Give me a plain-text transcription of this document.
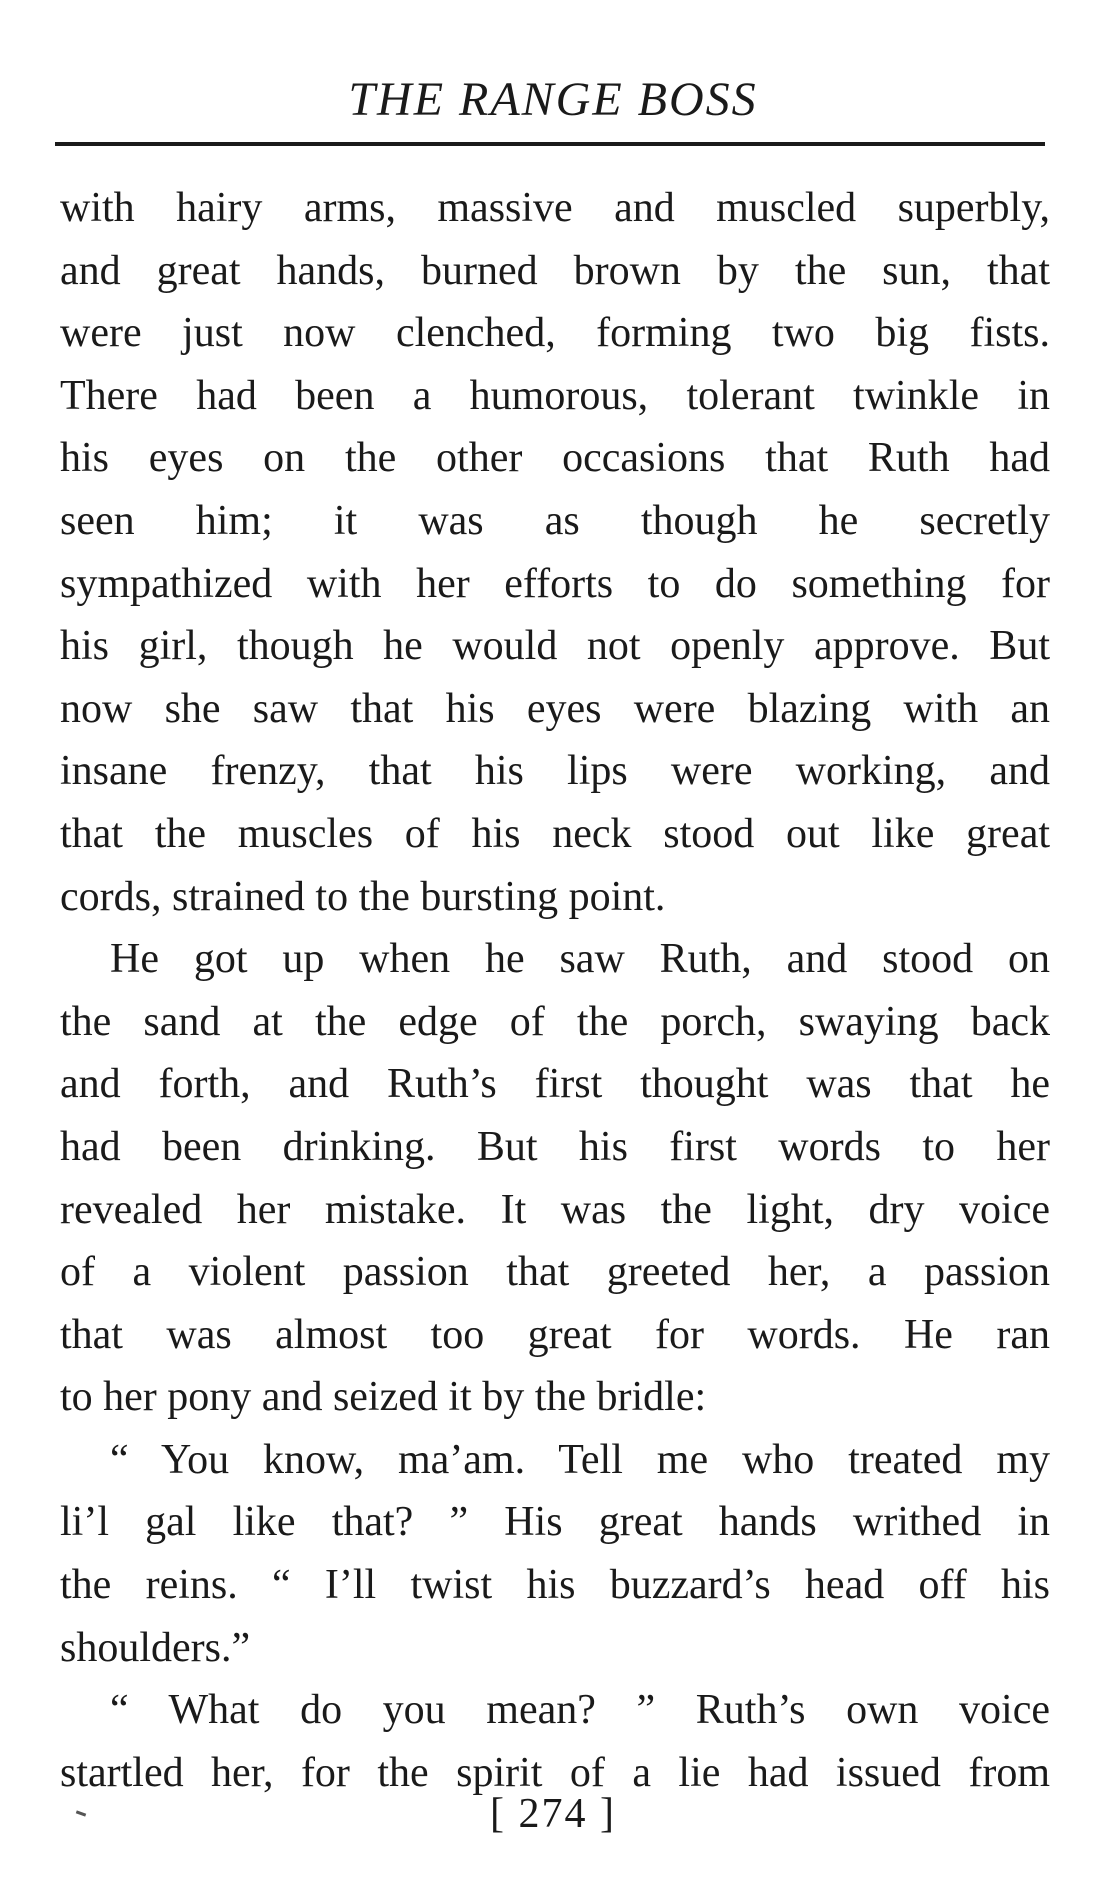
THE RANGE BOSS
with hairy arms, massive and muscled superbly,
and great hands, burned brown by the sun, that
were just now clenched, forming two big fists.
There had been a humorous, tolerant twinkle in
his eyes on the other occasions that Ruth had
seen him; it was as though he secretly
sympathized with her efforts to do something for
his girl, though he would not openly approve. But
now she saw that his eyes were blazing with an
insane frenzy, that his lips were working, and
that the muscles of his neck stood out like great
cords, strained to the bursting point.
He got up when he saw Ruth, and stood on
the sand at the edge of the porch, swaying back
and forth, and Ruth’s first thought was that he
had been drinking. But his first words to her
revealed her mistake. It was the light, dry voice
of a violent passion that greeted her, a passion
that was almost too great for words. He ran
to her pony and seized it by the bridle:
“ You know, ma’am. Tell me who treated my
li’l gal like that? ” His great hands writhed in
the reins. “ I’ll twist his buzzard’s head off his
shoulders.”
“ What do you mean? ” Ruth’s own voice
startled her, for the spirit of a lie had issued from
[ 274 ]
